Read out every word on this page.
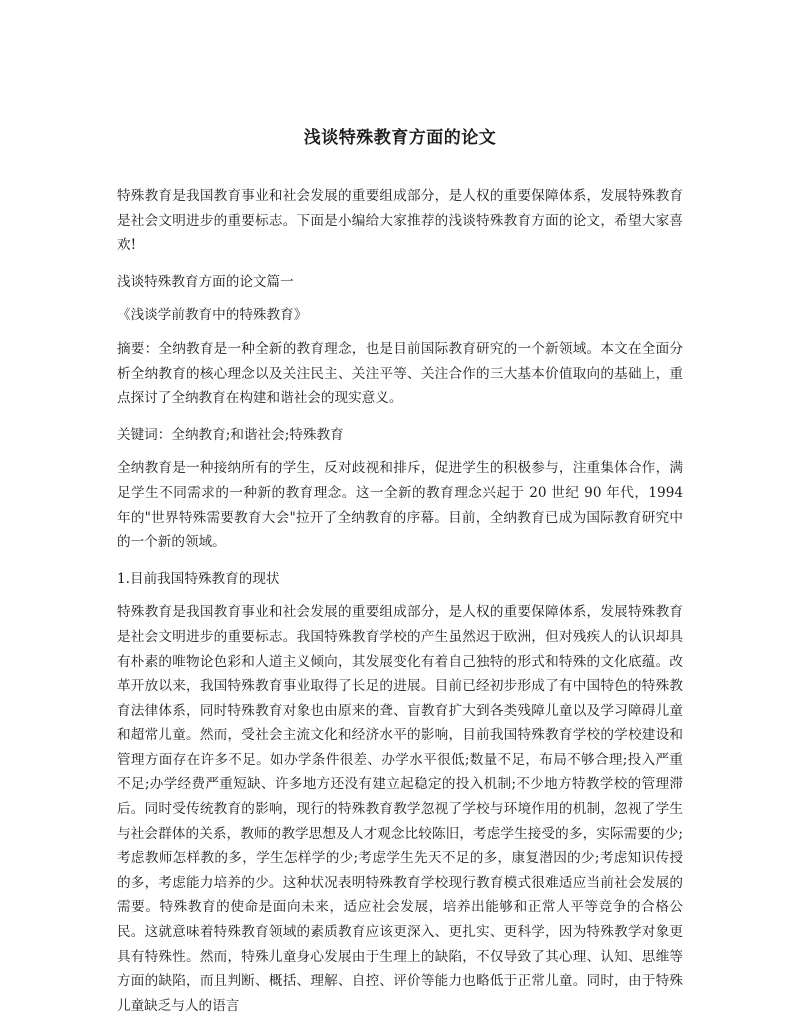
浅谈特殊教育方面的论文

特殊教育是我国教育事业和社会发展的重要组成部分，是人权的重要保障体系，发展特殊教育是社会文明进步的重要标志。下面是小编给大家推荐的浅谈特殊教育方面的论文，希望大家喜欢!

浅谈特殊教育方面的论文篇一

《浅谈学前教育中的特殊教育》

摘要：全纳教育是一种全新的教育理念，也是目前国际教育研究的一个新领域。本文在全面分析全纳教育的核心理念以及关注民主、关注平等、关注合作的三大基本价值取向的基础上，重点探讨了全纳教育在构建和谐社会的现实意义。

关键词：全纳教育;和谐社会;特殊教育

全纳教育是一种接纳所有的学生，反对歧视和排斥，促进学生的积极参与，注重集体合作，满足学生不同需求的一种新的教育理念。这一全新的教育理念兴起于 20 世纪 90 年代，1994 年的"世界特殊需要教育大会"拉开了全纳教育的序幕。目前，全纳教育已成为国际教育研究中的一个新的领域。

1.目前我国特殊教育的现状

特殊教育是我国教育事业和社会发展的重要组成部分，是人权的重要保障体系，发展特殊教育是社会文明进步的重要标志。我国特殊教育学校的产生虽然迟于欧洲，但对残疾人的认识却具有朴素的唯物论色彩和人道主义倾向，其发展变化有着自己独特的形式和特殊的文化底蕴。改革开放以来，我国特殊教育事业取得了长足的进展。目前已经初步形成了有中国特色的特殊教育法律体系，同时特殊教育对象也由原来的聋、盲教育扩大到各类残障儿童以及学习障碍儿童和超常儿童。然而，受社会主流文化和经济水平的影响，目前我国特殊教育学校的学校建设和管理方面存在许多不足。如办学条件很差、办学水平很低;数量不足，布局不够合理;投入严重不足;办学经费严重短缺、许多地方还没有建立起稳定的投入机制;不少地方特教学校的管理滞后。同时受传统教育的影响，现行的特殊教育教学忽视了学校与环境作用的机制，忽视了学生与社会群体的关系，教师的教学思想及人才观念比较陈旧，考虑学生接受的多，实际需要的少;考虑教师怎样教的多，学生怎样学的少;考虑学生先天不足的多，康复潜因的少;考虑知识传授的多，考虑能力培养的少。这种状况表明特殊教育学校现行教育模式很难适应当前社会发展的需要。特殊教育的使命是面向未来，适应社会发展，培养出能够和正常人平等竞争的合格公民。这就意味着特殊教育领域的素质教育应该更深入、更扎实、更科学，因为特殊教学对象更具有特殊性。然而，特殊儿童身心发展由于生理上的缺陷，不仅导致了其心理、认知、思维等方面的缺陷，而且判断、概括、理解、自控、评价等能力也略低于正常儿童。同时，由于特殊儿童缺乏与人的语言
